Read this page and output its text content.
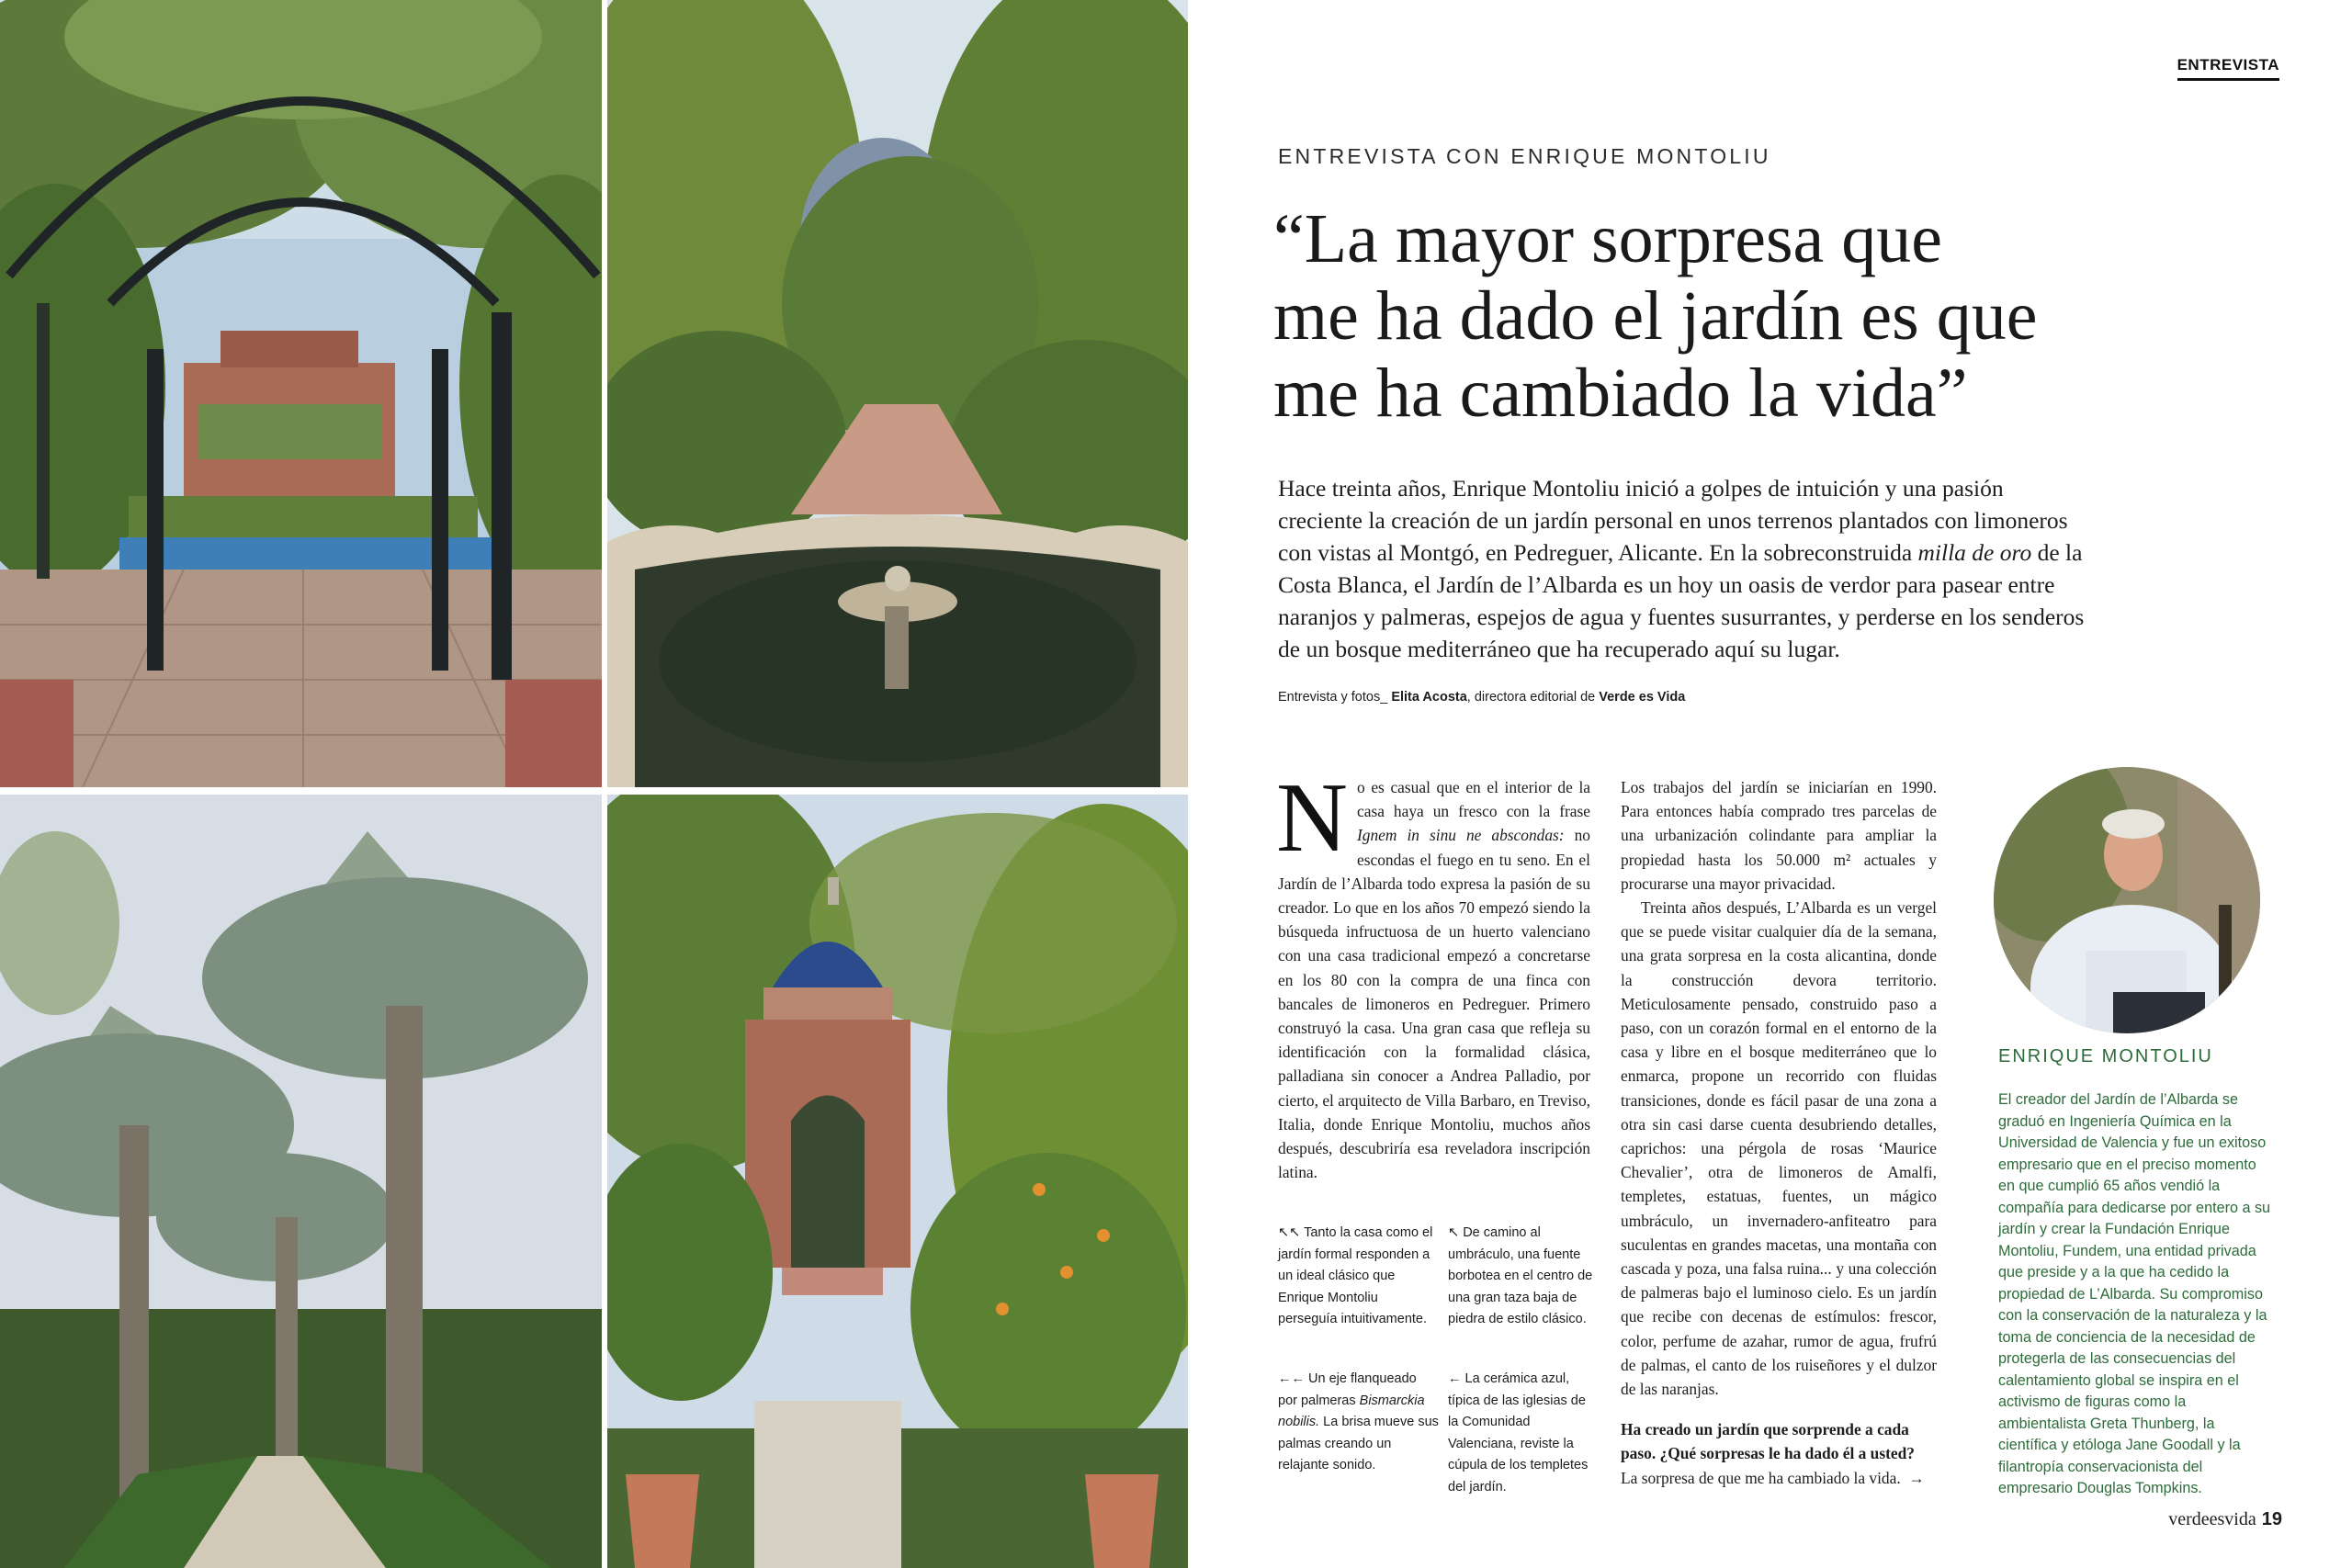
ENTREVISTA
ENTREVISTA CON ENRIQUE MONTOLIU
“La mayor sorpresa que
me ha dado el jardín es que
me ha cambiado la vida”

Hace treinta años, Enrique Montoliu inició a golpes de intuición y una pasión creciente la creación de un jardín personal en unos terrenos plantados con limoneros con vistas al Montgó, en Pedreguer, Alicante. En la sobreconstruida milla de oro de la Costa Blanca, el Jardín de l’Albarda es un hoy un oasis de verdor para pasear entre naranjos y palmeras, espejos de agua y fuentes susurrantes, y perderse en los senderos de un bosque mediterráneo que ha recuperado aquí su lugar.

Entrevista y fotos_ Elita Acosta, directora editorial de Verde es Vida

No es casual que en el interior de la casa haya un fresco con la frase Ignem in sinu ne abscondas: no escondas el fuego en tu seno. En el Jardín de l’Albarda todo expresa la pasión de su creador. Lo que en los años 70 empezó siendo la búsqueda infructuosa de un huerto valenciano con una casa tradicional empezó a concretarse en los 80 con la compra de una finca con bancales de limoneros en Pedreguer. Primero construyó la casa. Una gran casa que refleja su identificación con la formalidad clásica, palladiana sin conocer a Andrea Palladio, por cierto, el arquitecto de Villa Barbaro, en Treviso, Italia, donde Enrique Montoliu, muchos años después, descubriría esa reveladora inscripción latina.

Los trabajos del jardín se iniciarían en 1990. Para entonces había comprado tres parcelas de una urbanización colindante para ampliar la propiedad hasta los 50.000 m² actuales y procurarse una mayor privacidad.

Treinta años después, L’Albarda es un vergel que se puede visitar cualquier día de la semana, una grata sorpresa en la costa alicantina, donde la construcción devora territorio. Meticulosamente pensado, construido paso a paso, con un corazón formal en el entorno de la casa y libre en el bosque mediterráneo que lo enmarca, propone un recorrido con fluidas transiciones, donde es fácil pasar de una zona a otra sin casi darse cuenta desubriendo detalles, caprichos: una pérgola de rosas ‘Maurice Chevalier’, otra de limoneros de Amalfi, templetes, estatuas, fuentes, un mágico umbráculo, un invernadero-anfiteatro para suculentas en grandes macetas, una montaña con cascada y poza, una falsa ruina... y una colección de palmeras bajo el luminoso cielo. Es un jardín que recibe con decenas de estímulos: frescor, color, perfume de azahar, rumor de agua, frufrú de palmas, el canto de los ruiseñores y el dulzor de las naranjas.

Ha creado un jardín que sorprende a cada paso. ¿Qué sorpresas le ha dado él a usted?

La sorpresa de que me ha cambiado la vida. →

↖↖ Tanto la casa como el jardín formal responden a un ideal clásico que Enrique Montoliu perseguía intuitivamente.
↖ De camino al umbráculo, una fuente borbotea en el centro de una gran taza baja de piedra de estilo clásico.
←← Un eje flanqueado por palmeras Bismarckia nobilis. La brisa mueve sus palmas creando un relajante sonido.
← La cerámica azul, típica de las iglesias de la Comunidad Valenciana, reviste la cúpula de los templetes del jardín.
ENRIQUE MONTOLIU
El creador del Jardín de l’Albarda se graduó en Ingeniería Química en la Universidad de Valencia y fue un exitoso empresario que en el preciso momento en que cumplió 65 años vendió la compañía para dedicarse por entero a su jardín y crear la Fundación Enrique Montoliu, Fundem, una entidad privada que preside y a la que ha cedido la propiedad de L’Albarda. Su compromiso con la conservación de la naturaleza y la toma de conciencia de la necesidad de protegerla de las consecuencias del calentamiento global se inspira en el activismo de figuras como la ambientalista Greta Thunberg, la científica y etóloga Jane Goodall y la filantropía conservacionista del empresario Douglas Tompkins.
verdeesvida 19
